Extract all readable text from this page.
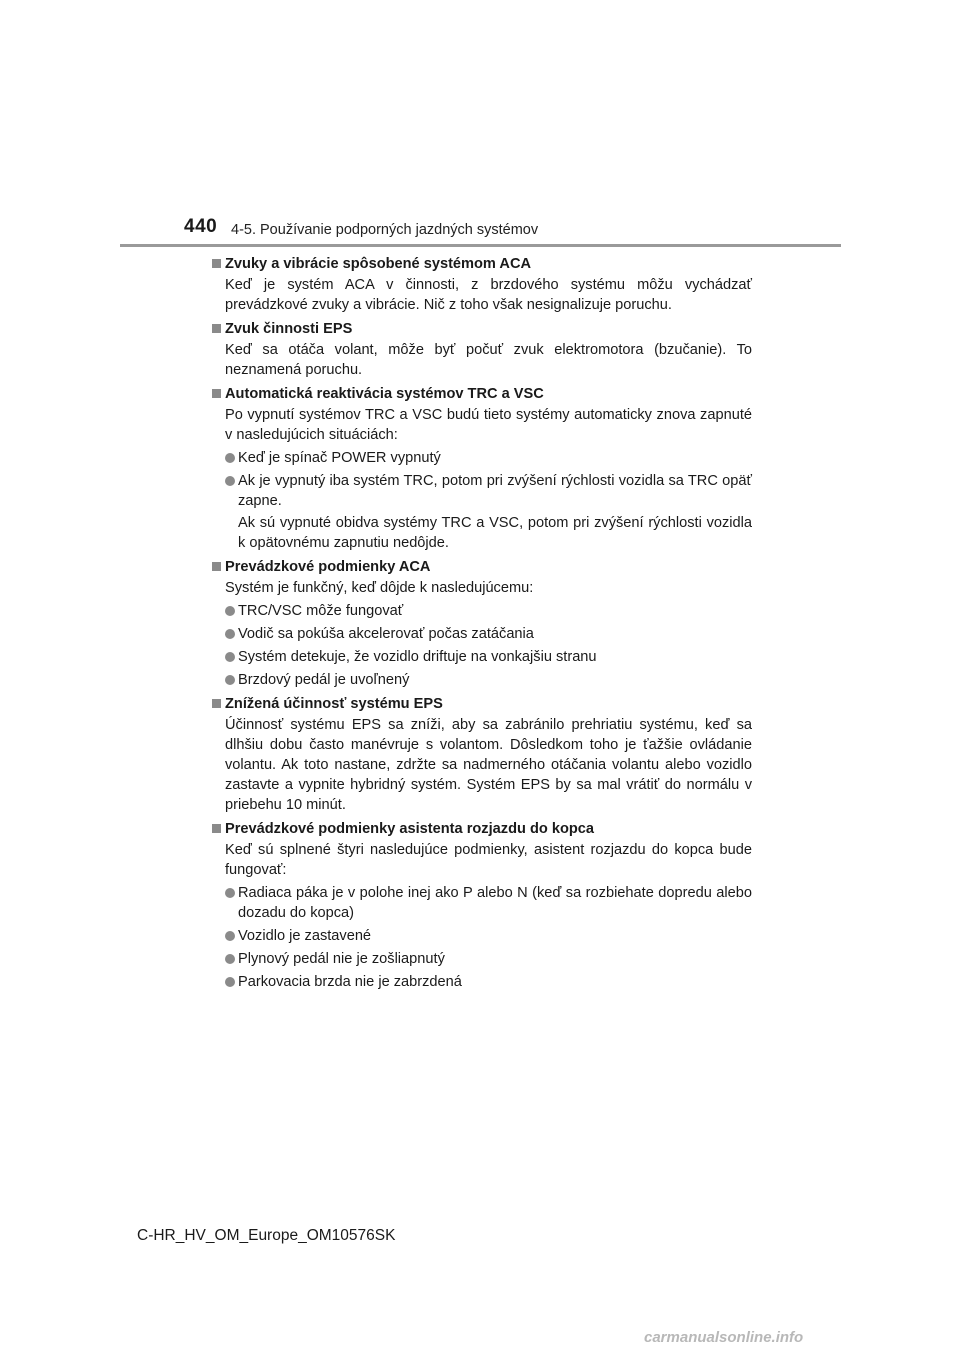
440 4-5. Používanie podporných jazdných systémov
Zvuky a vibrácie spôsobené systémom ACA
Keď je systém ACA v činnosti, z brzdového systému môžu vychádzať prevádzkové zvuky a vibrácie. Nič z toho však nesignalizuje poruchu.
Zvuk činnosti EPS
Keď sa otáča volant, môže byť počuť zvuk elektromotora (bzučanie). To neznamená poruchu.
Automatická reaktivácia systémov TRC a VSC
Po vypnutí systémov TRC a VSC budú tieto systémy automaticky znova zapnuté v nasledujúcich situáciách:
Keď je spínač POWER vypnutý
Ak je vypnutý iba systém TRC, potom pri zvýšení rýchlosti vozidla sa TRC opäť zapne.
Ak sú vypnuté obidva systémy TRC a VSC, potom pri zvýšení rýchlosti vozidla k opätovnému zapnutiu nedôjde.
Prevádzkové podmienky ACA
Systém je funkčný, keď dôjde k nasledujúcemu:
TRC/VSC môže fungovať
Vodič sa pokúša akcelerovať počas zatáčania
Systém detekuje, že vozidlo driftuje na vonkajšiu stranu
Brzdový pedál je uvoľnený
Znížená účinnosť systému EPS
Účinnosť systému EPS sa zníži, aby sa zabránilo prehriatiu systému, keď sa dlhšiu dobu často manévruje s volantom. Dôsledkom toho je ťažšie ovládanie volantu. Ak toto nastane, zdržte sa nadmerného otáčania volantu alebo vozidlo zastavte a vypnite hybridný systém. Systém EPS by sa mal vrátiť do normálu v priebehu 10 minút.
Prevádzkové podmienky asistenta rozjazdu do kopca
Keď sú splnené štyri nasledujúce podmienky, asistent rozjazdu do kopca bude fungovať:
Radiaca páka je v polohe inej ako P alebo N (keď sa rozbiehate dopredu alebo dozadu do kopca)
Vozidlo je zastavené
Plynový pedál nie je zošliapnutý
Parkovacia brzda nie je zabrzdená
C-HR_HV_OM_Europe_OM10576SK
carmanualsonline.info
